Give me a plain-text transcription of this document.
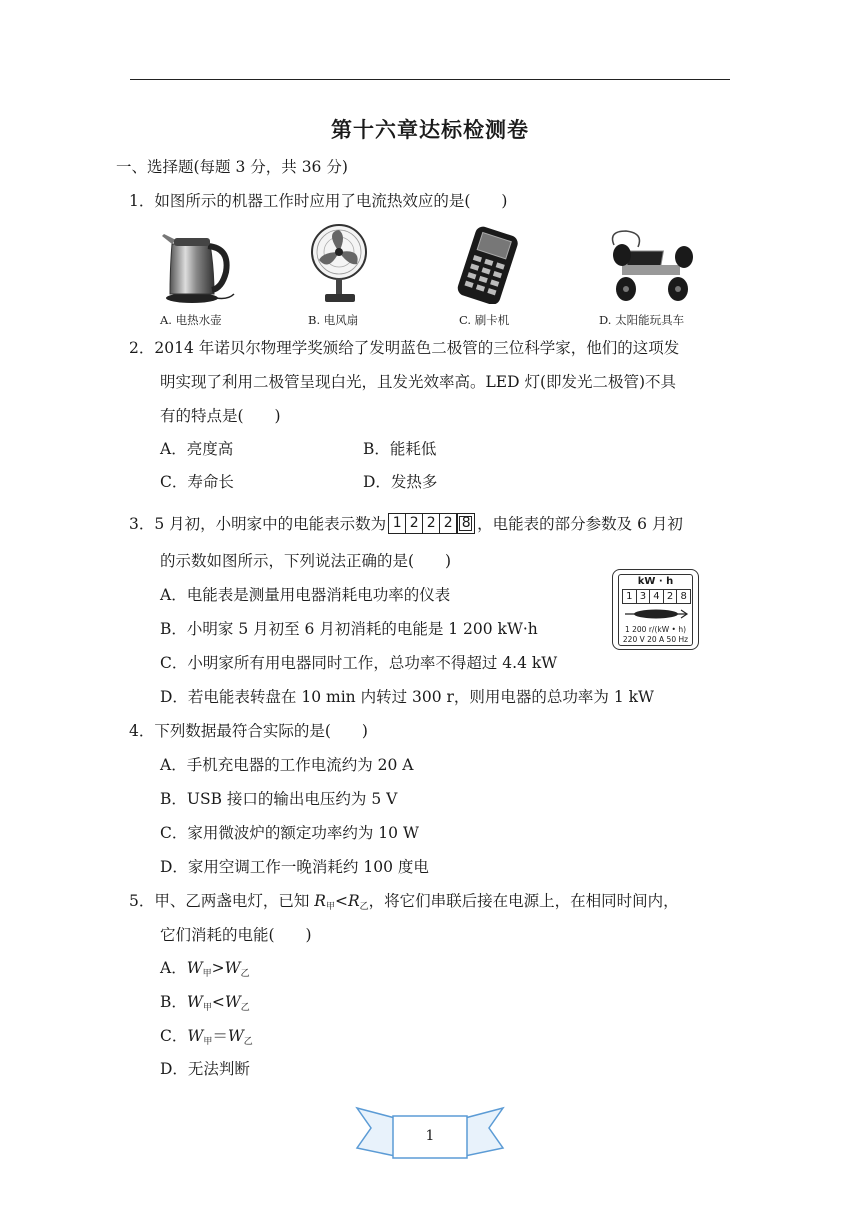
第十六章达标检测卷
一、选择题(每题 3 分，共 36 分)
1．如图所示的机器工作时应用了电流热效应的是(　　)
A. 电热水壶	B. 电风扇	C. 刷卡机	D. 太阳能玩具车
2．2014 年诺贝尔物理学奖颁给了发明蓝色二极管的三位科学家，他们的这项发
明实现了利用二极管呈现白光，且发光效率高。LED 灯(即发光二极管)不具
有的特点是(　　)
A．亮度高	B．能耗低
C．寿命长	D．发热多
3．5 月初，小明家中的电能表示数为 1 2 2 2 8 ，电能表的部分参数及 6 月初
的示数如图所示，下列说法正确的是(　　)
A．电能表是测量用电器消耗电功率的仪表
B．小明家 5 月初至 6 月初消耗的电能是 1 200 kW·h
C．小明家所有用电器同时工作，总功率不得超过 4.4 kW
D．若电能表转盘在 10 min 内转过 300 r，则用电器的总功率为 1 kW
kW · h
1 3 4 2 8
1 200 r/(kW • h)
220 V 20 A 50 Hz
4．下列数据最符合实际的是(　　)
A．手机充电器的工作电流约为 20 A
B．USB 接口的输出电压约为 5 V
C．家用微波炉的额定功率约为 10 W
D．家用空调工作一晚消耗约 100 度电
5．甲、乙两盏电灯，已知 $R_甲<R_乙$，将它们串联后接在电源上，在相同时间内，
它们消耗的电能(　　)
A．$W_甲>W_乙$
B．$W_甲<W_乙$
C．$W_甲=W_乙$
D．无法判断
1
